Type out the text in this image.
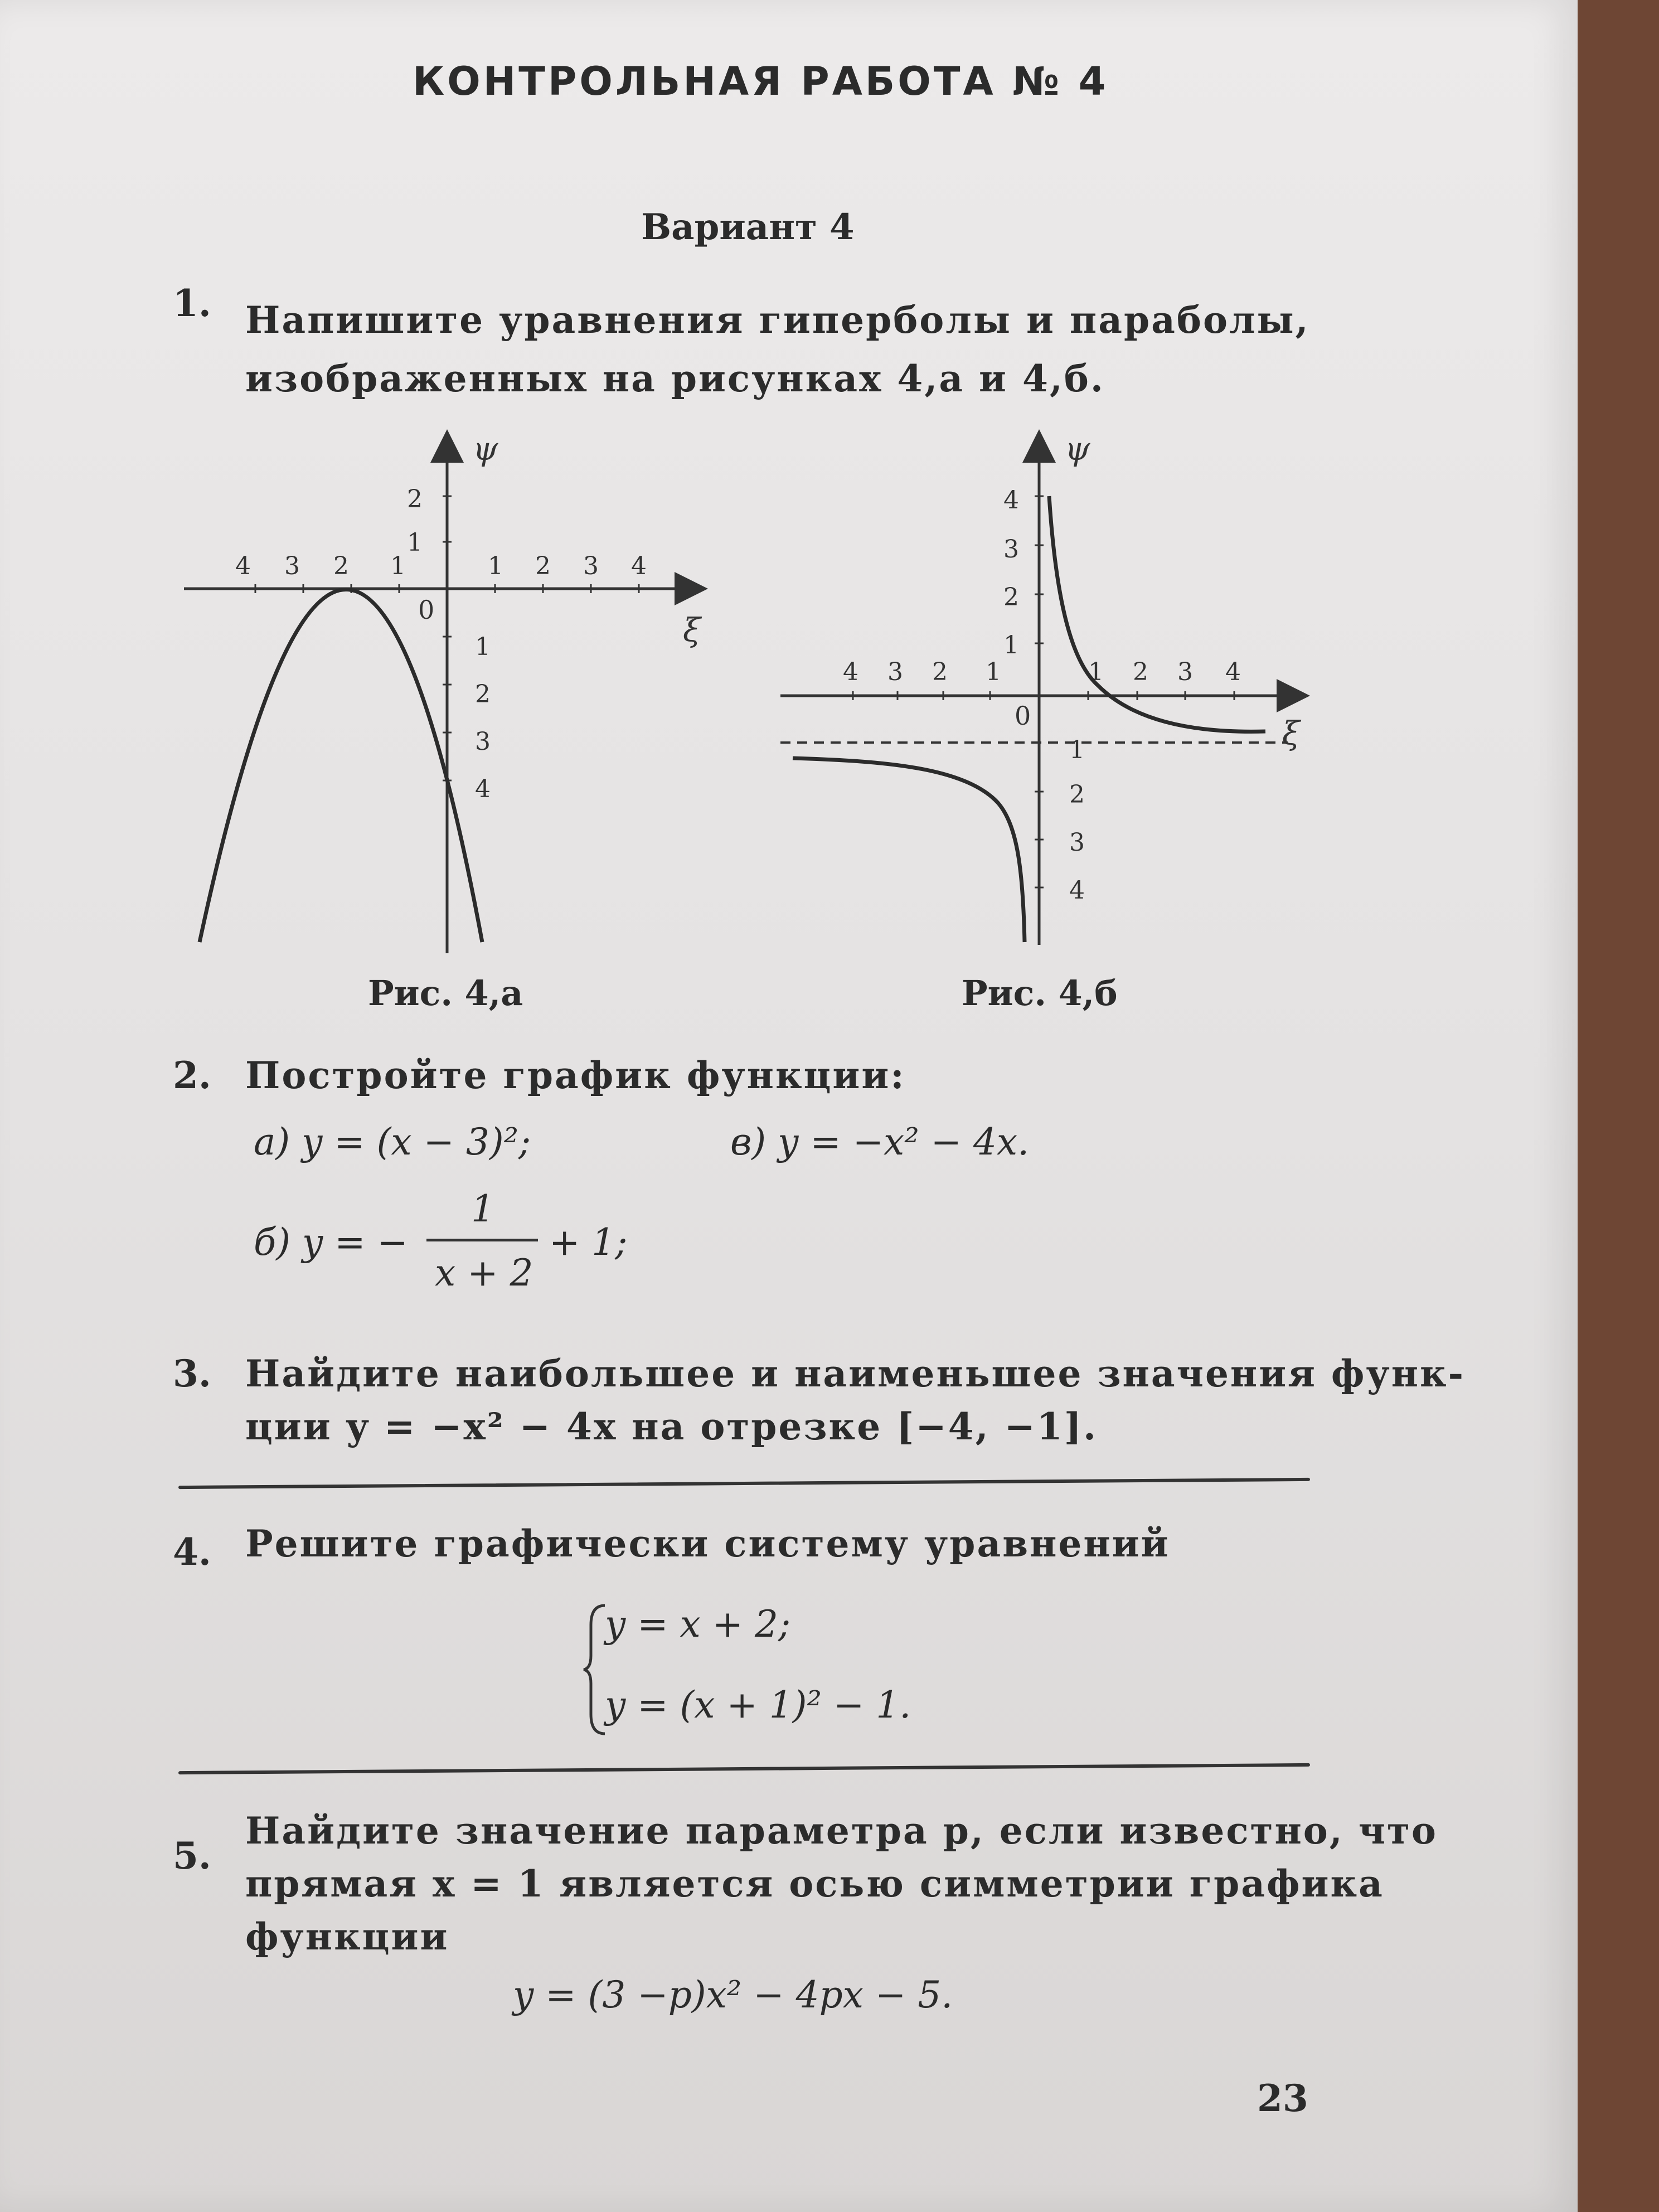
КОНТРОЛЬНАЯ РАБОТА № 4
Вариант 4
1. Напишите уравнения гиперболы и параболы,
изображенных на рисунках 4,а и 4,б.
ψ
ξ
0
4 3 2 1	1 2 3 4
2
1
1
2
3
4
Рис. 4,а
ψ
ξ
0
4 3 2 1	1 2 3 4
4
3
2
1
1
2
3
4
Рис. 4,б
2. Постройте график функции:
а) y = (x − 3)²;	в) y = −x² − 4x.
б) y = −
1
x + 2
+ 1;
3. Найдите наибольшее и наименьшее значения функ-
ции y = −x² − 4x на отрезке [−4, −1].
4. Решите графически систему уравнений
y = x + 2;
y = (x + 1)² − 1.
5.
Найдите значение параметра p, если известно, что
прямая x = 1 является осью симметрии графика
функции
y = (3 −p)x² − 4px − 5.
23
